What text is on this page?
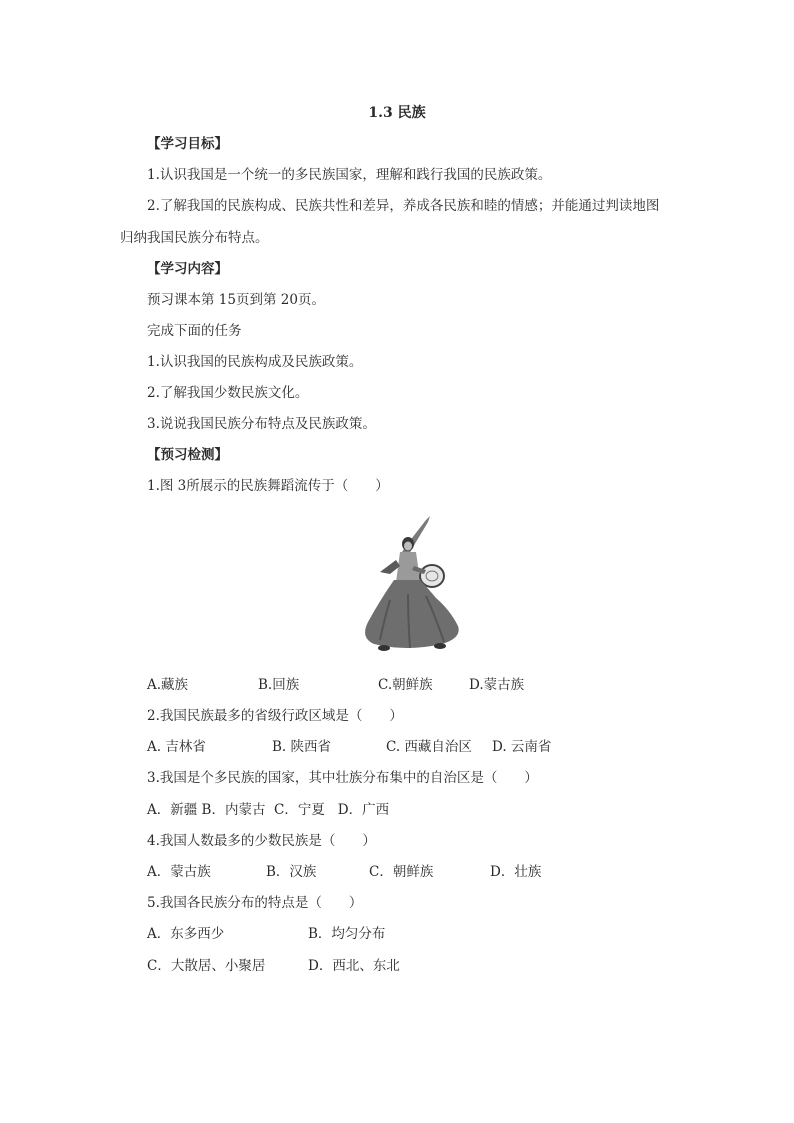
1.3 民族
【学习目标】
1.认识我国是一个统一的多民族国家，理解和践行我国的民族政策。
2.了解我国的民族构成、民族共性和差异，养成各民族和睦的情感；并能通过判读地图
归纳我国民族分布特点。
【学习内容】
预习课本第 15页到第 20页。
完成下面的任务
1.认识我国的民族构成及民族政策。
2.了解我国少数民族文化。
3.说说我国民族分布特点及民族政策。
【预习检测】
1.图 3所展示的民族舞蹈流传于（　　）
A.藏族	B.回族	C.朝鲜族	D.蒙古族
2.我国民族最多的省级行政区域是（　　）
A. 吉林省	B. 陕西省	C. 西藏自治区 D. 云南省
3.我国是个多民族的国家，其中壮族分布集中的自治区是（　　）
A．新疆 B．内蒙古  C．宁夏   D．广西
4.我国人数最多的少数民族是（　　）
A．蒙古族	B．汉族	C．朝鲜族	D．壮族
5.我国各民族分布的特点是（　　）
A．东多西少	B．均匀分布
C．大散居、小聚居	D．西北、东北
